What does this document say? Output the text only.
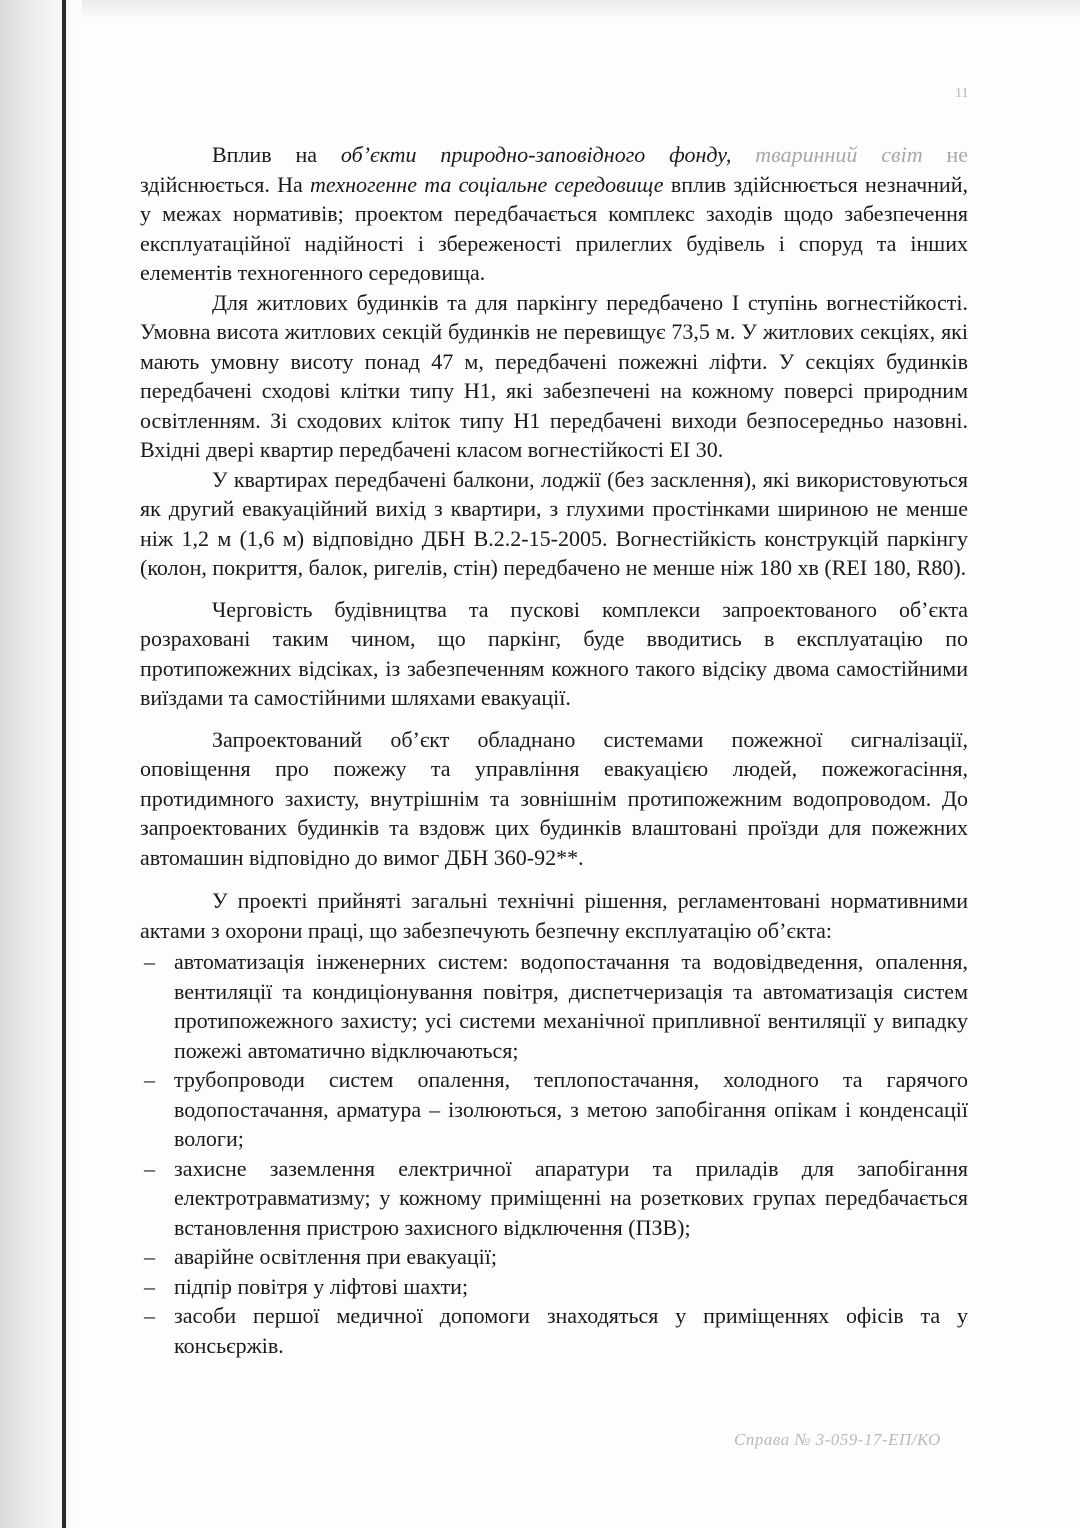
11

Вплив на об’єкти природно-заповідного фонду, тваринний світ не здійснюється. На техногенне та соціальне середовище вплив здійснюється незначний, у межах нормативів; проектом передбачається комплекс заходів щодо забезпечення експлуатаційної надійності і збереженості прилеглих будівель і споруд та інших елементів техногенного середовища.

Для житлових будинків та для паркінгу передбачено І ступінь вогнестійкості. Умовна висота житлових секцій будинків не перевищує 73,5 м. У житлових секціях, які мають умовну висоту понад 47 м, передбачені пожежні ліфти. У секціях будинків передбачені сходові клітки типу Н1, які забезпечені на кожному поверсі природним освітленням. Зі сходових кліток типу Н1 передбачені виходи безпосередньо назовні. Вхідні двері квартир передбачені класом вогнестійкості ЕІ 30.

У квартирах передбачені балкони, лоджії (без засклення), які використовуються як другий евакуаційний вихід з квартири, з глухими простінками шириною не менше ніж 1,2 м (1,6 м) відповідно ДБН В.2.2-15-2005. Вогнестійкість конструкцій паркінгу (колон, покриття, балок, ригелів, стін) передбачено не менше ніж 180 хв (REI 180, R80).

Черговість будівництва та пускові комплекси запроектованого об’єкта розраховані таким чином, що паркінг, буде вводитись в експлуатацію по протипожежних відсіках, із забезпеченням кожного такого відсіку двома самостійними виїздами та самостійними шляхами евакуації.

Запроектований об’єкт обладнано системами пожежної сигналізації, оповіщення про пожежу та управління евакуацією людей, пожежогасіння, протидимного захисту, внутрішнім та зовнішнім протипожежним водопроводом. До запроектованих будинків та вздовж цих будинків влаштовані проїзди для пожежних автомашин відповідно до вимог ДБН 360-92**.

У проекті прийняті загальні технічні рішення, регламентовані нормативними актами з охорони праці, що забезпечують безпечну експлуатацію об’єкта:

– автоматизація інженерних систем: водопостачання та водовідведення, опалення, вентиляції та кондиціонування повітря, диспетчеризація та автоматизація систем протипожежного захисту; усі системи механічної припливної вентиляції у випадку пожежі автоматично відключаються;
– трубопроводи систем опалення, теплопостачання, холодного та гарячого водопостачання, арматура – ізолюються, з метою запобігання опікам і конденсації вологи;
– захисне заземлення електричної апаратури та приладів для запобігання електротравматизму; у кожному приміщенні на розеткових групах передбачається встановлення пристрою захисного відключення (ПЗВ);
– аварійне освітлення при евакуації;
– підпір повітря у ліфтові шахти;
– засоби першої медичної допомоги знаходяться у приміщеннях офісів та у консьєржів.
Справа № 3-059-17-ЕП/КО
